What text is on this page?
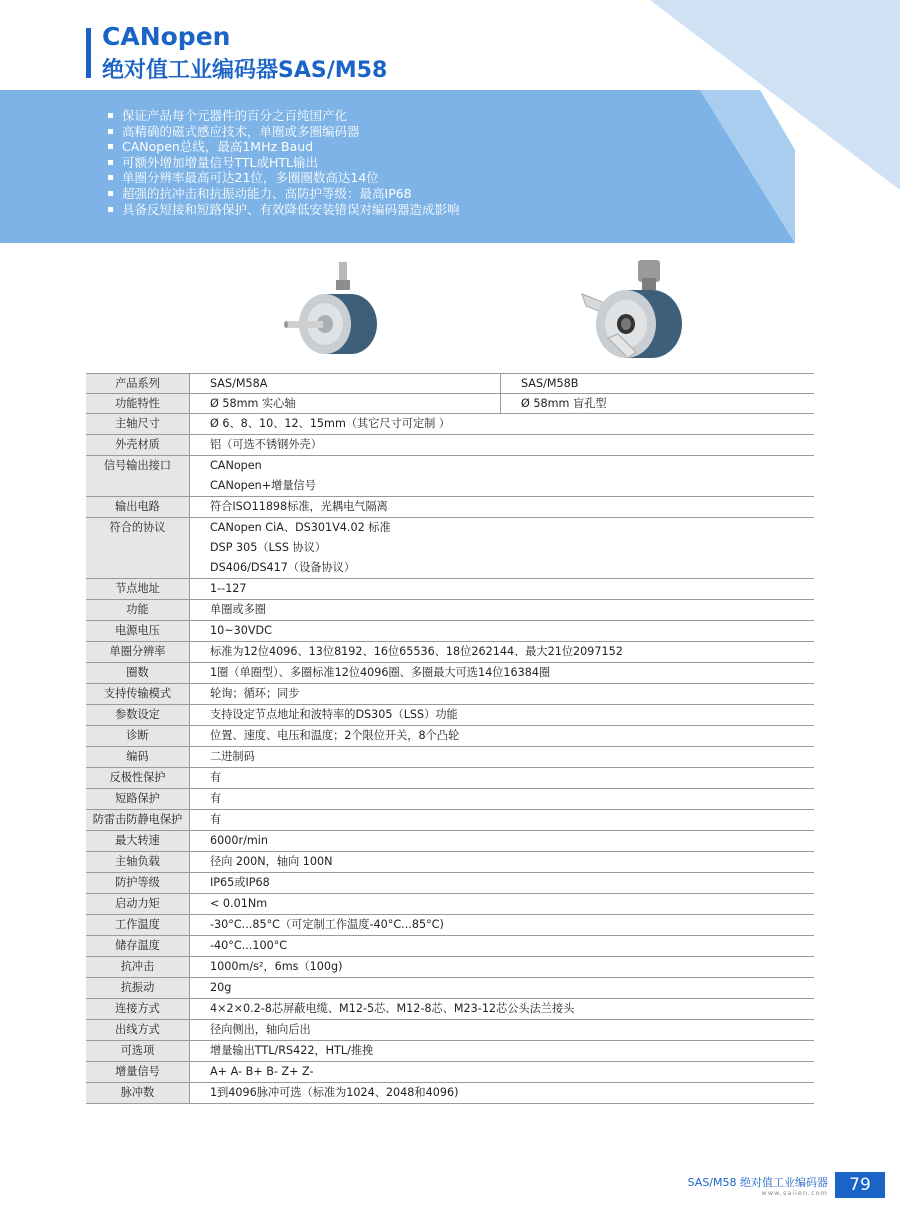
CANopen
绝对值工业编码器SAS/M58
保证产品每个元器件的百分之百纯国产化
高精确的磁式感应技术，单圈或多圈编码器
CANopen总线，最高1MHz Baud
可额外增加增量信号TTL或HTL输出
单圈分辨率最高可达21位，多圈圈数高达14位
超强的抗冲击和抗振动能力、高防护等级：最高IP68
具备反短接和短路保护、有效降低安装错误对编码器造成影响
产品系列	SAS/M58A	SAS/M58B
功能特性	Ø 58mm 实心轴	Ø 58mm 盲孔型
主轴尺寸	Ø 6、8、10、12、15mm（其它尺寸可定制 ）	

外壳材质	铝（可选不锈钢外壳）	

信号输出接口	CANopen
CANopen+增量信号	

输出电路	符合ISO11898标准，光耦电气隔离	

符合的协议	CANopen CiA、DS301V4.02 标准
DSP 305（LSS 协议）
DS406/DS417（设备协议）	

节点地址	1--127	

功能	单圈或多圈	

电源电压	10~30VDC	

单圈分辨率	标准为12位4096、13位8192、16位65536、18位262144、最大21位2097152	

圈数	1圈（单圈型）、多圈标准12位4096圈、多圈最大可选14位16384圈	

支持传输模式	轮询；循环；同步	

参数设定	支持设定节点地址和波特率的DS305（LSS）功能	

诊断	位置、速度、电压和温度；2个限位开关，8个凸轮	

编码	二进制码	

反极性保护	有	

短路保护	有	

防雷击防静电保护	有	

最大转速	6000r/min	

主轴负载	径向 200N，轴向 100N	

防护等级	IP65或IP68	

启动力矩	< 0.01Nm	

工作温度	-30°C...85°C（可定制工作温度-40°C...85°C)	

储存温度	-40°C...100°C	

抗冲击	1000m/s²，6ms（100g)	

抗振动	20g	

连接方式	4×2×0.2-8芯屏蔽电缆、M12-5芯、M12-8芯、M23-12芯公头法兰接头	

出线方式	径向侧出，轴向后出	

可选项	增量输出TTL/RS422，HTL/推挽	

增量信号	A+ A- B+ B- Z+ Z-	

脉冲数	1到4096脉冲可选（标准为1024、2048和4096)	
SAS/M58 绝对值工业编码器
www.saiien.com	79
